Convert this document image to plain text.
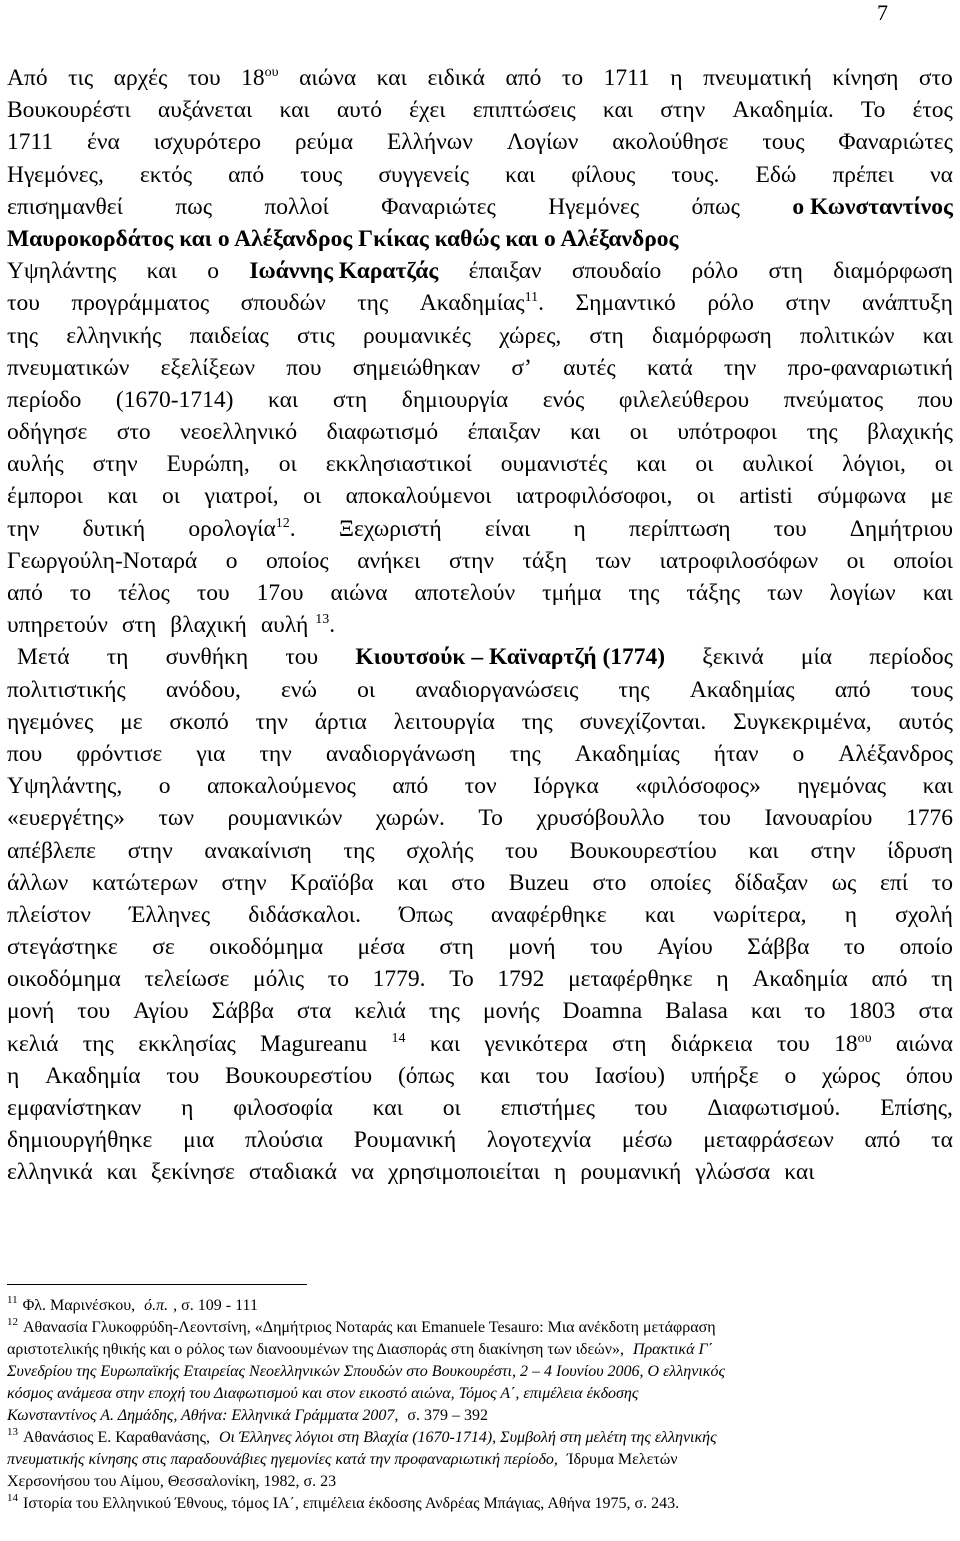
7
Από τις αρχές του $18^{o\upsilon}$ αιώνα και ειδικά από το 1711 η πνευματική κίνηση στο
Βουκουρέστι αυξάνεται και αυτό έχει επιπτώσεις και στην Ακαδημία. Το έτος
1711 ένα ισχυρότερο ρεύμα Ελλήνων Λογίων ακολούθησε τους Φαναριώτες
Ηγεμόνες, εκτός από τους συγγενείς και φίλους τους. Εδώ πρέπει να
επισημανθεί πως πολλοί Φαναριώτες Ηγεμόνες όπως ο Κωνσταντίνος
Μαυροκορδάτος και ο Αλέξανδρος Γκίκας καθώς και ο Αλέξανδρος
Υψηλάντης και ο Ιωάννης Καρατζάς έπαιξαν σπουδαίο ρόλο στη διαμόρφωση
του προγράμματος σπουδών της Ακαδημίας$^{11}$. Σημαντικό ρόλο στην ανάπτυξη
της ελληνικής παιδείας στις ρουμανικές χώρες, στη διαμόρφωση πολιτικών και
πνευματικών εξελίξεων που σημειώθηκαν σ’ αυτές κατά την προ-φαναριωτική
περίοδο (1670-1714) και στη δημιουργία ενός φιλελεύθερου πνεύματος που
οδήγησε στο νεοελληνικό διαφωτισμό έπαιξαν και οι υπότροφοι της βλαχικής
αυλής στην Ευρώπη, οι εκκλησιαστικοί ουμανιστές και οι αυλικοί λόγιοι, οι
έμποροι και οι γιατροί, οι αποκαλούμενοι ιατροφιλόσοφοι, οι artisti σύμφωνα με
την δυτική ορολογία$^{12}$. Ξεχωριστή είναι η περίπτωση του Δημήτριου
Γεωργούλη-Νοταρά ο οποίος ανήκει στην τάξη των ιατροφιλοσόφων οι οποίοι
από το τέλος του 17ου αιώνα αποτελούν τμήμα της τάξης των λογίων και
υπηρετούν στη βλαχική αυλή $^{13}$.
Μετά τη συνθήκη του Κιουτσούκ – Καϊναρτζή (1774) ξεκινά μία περίοδος
πολιτιστικής ανόδου, ενώ οι αναδιοργανώσεις της Ακαδημίας από τους
ηγεμόνες με σκοπό την άρτια λειτουργία της συνεχίζονται. Συγκεκριμένα, αυτός
που φρόντισε για την αναδιοργάνωση της Ακαδημίας ήταν ο Αλέξανδρος
Υψηλάντης, ο αποκαλούμενος από τον Ιόργκα «φιλόσοφος» ηγεμόνας και
«ευεργέτης» των ρουμανικών χωρών. Το χρυσόβουλλο του Ιανουαρίου 1776
απέβλεπε στην ανακαίνιση της σχολής του Βουκουρεστίου και στην ίδρυση
άλλων κατώτερων στην Κραϊόβα και στο Buzeu στο οποίες δίδαξαν ως επί το
πλείστον Έλληνες διδάσκαλοι. Όπως αναφέρθηκε και νωρίτερα, η σχολή
στεγάστηκε σε οικοδόμημα μέσα στη μονή του Αγίου Σάββα το οποίο
οικοδόμημα τελείωσε μόλις το 1779. Το 1792 μεταφέρθηκε η Ακαδημία από τη
μονή του Αγίου Σάββα στα κελιά της μονής Doamna Balasa και το 1803 στα
κελιά της εκκλησίας Magureanu $^{14}$ και γενικότερα στη διάρκεια του $18^{o\upsilon}$ αιώνα
η Ακαδημία του Βουκουρεστίου (όπως και του Ιασίου) υπήρξε ο χώρος όπου
εμφανίστηκαν η φιλοσοφία και οι επιστήμες του Διαφωτισμού. Επίσης,
δημιουργήθηκε μια πλούσια Ρουμανική λογοτεχνία μέσω μεταφράσεων από τα
ελληνικά και ξεκίνησε σταδιακά να χρησιμοποιείται η ρουμανική γλώσσα και
$^{11}$ Φλ. Μαρινέσκου, ό.π. , σ. 109 - 111
$^{12}$ Αθανασία Γλυκοφρύδη-Λεοντσίνη, «Δημήτριος Νοταράς και Emanuele Tesauro: Μια ανέκδοτη μετάφραση
αριστοτελικής ηθικής και ο ρόλος των διανοουμένων της Διασποράς στη διακίνηση των ιδεών», Πρακτικά Γ΄
Συνεδρίου της Ευρωπαϊκής Εταιρείας Νεοελληνικών Σπουδών στο Βουκουρέστι, 2 – 4 Ιουνίου 2006, Ο ελληνικός
κόσμος ανάμεσα στην εποχή του Διαφωτισμού και στον εικοστό αιώνα, Τόμος Α΄, επιμέλεια έκδοσης
Κωνσταντίνος Α. Δημάδης, Αθήνα: Ελληνικά Γράμματα 2007, σ. 379 – 392
$^{13}$ Αθανάσιος Ε. Καραθανάσης, Οι Έλληνες λόγιοι στη Βλαχία (1670-1714), Συμβολή στη μελέτη της ελληνικής
πνευματικής κίνησης στις παραδουνάβιες ηγεμονίες κατά την προφαναριωτική περίοδο, Ίδρυμα Μελετών
Χερσονήσου του Αίμου, Θεσσαλονίκη, 1982, σ. 23
$^{14}$ Ιστορία του Ελληνικού Έθνους, τόμος ΙΑ΄, επιμέλεια έκδοσης Ανδρέας Μπάγιας, Αθήνα 1975, σ. 243.
